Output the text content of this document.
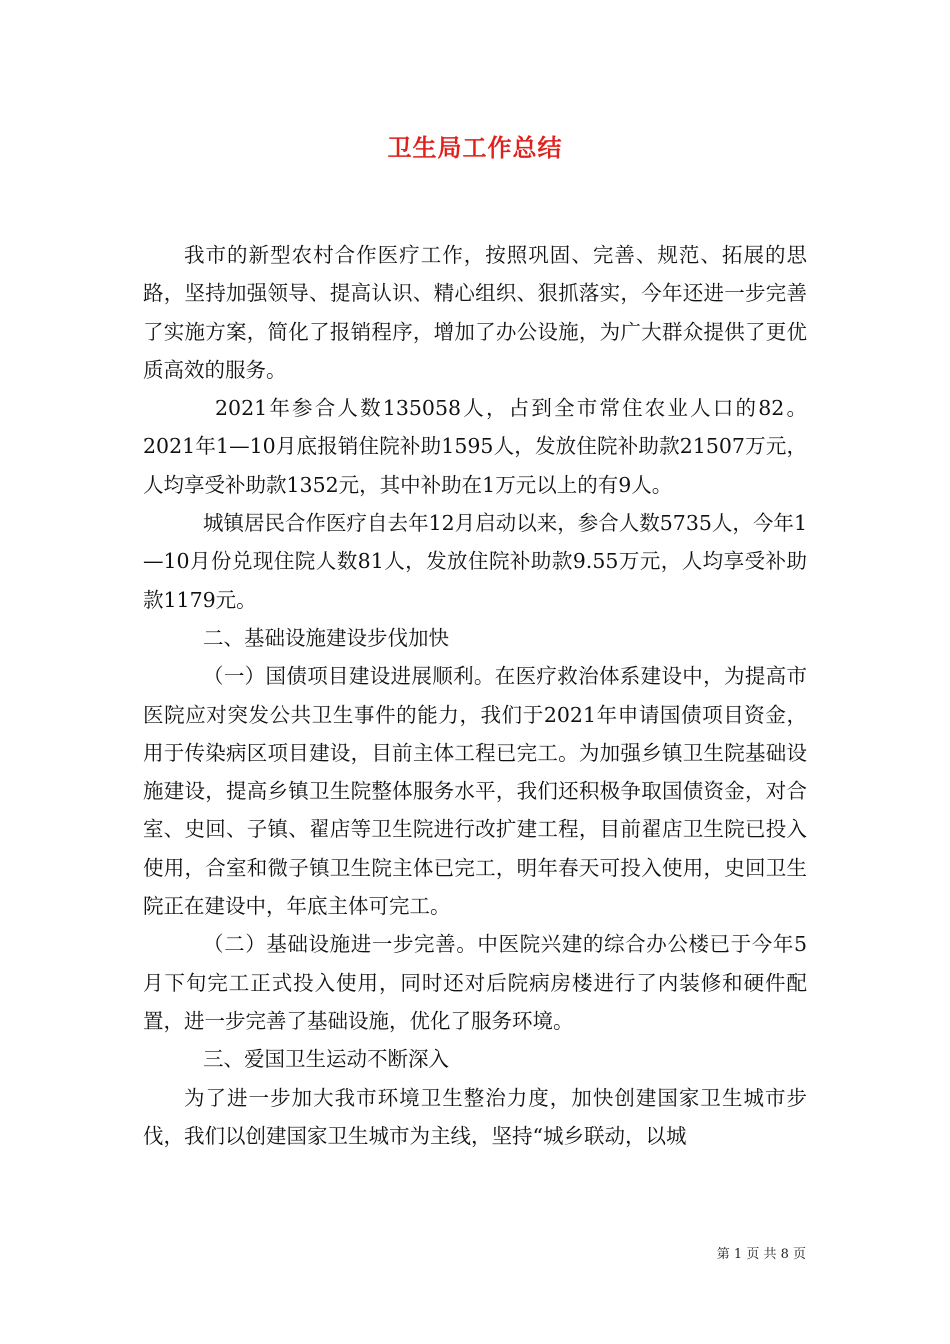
卫生局工作总结

我市的新型农村合作医疗工作，按照巩固、完善、规范、拓展的思路，坚持加强领导、提高认识、精心组织、狠抓落实，今年还进一步完善了实施方案，简化了报销程序，增加了办公设施，为广大群众提供了更优质高效的服务。

2021年参合人数135058人，占到全市常住农业人口的82。2021年1—10月底报销住院补助1595人，发放住院补助款21507万元，人均享受补助款1352元，其中补助在1万元以上的有9人。

城镇居民合作医疗自去年12月启动以来，参合人数5735人，今年1—10月份兑现住院人数81人，发放住院补助款9.55万元，人均享受补助款1179元。

二、基础设施建设步伐加快

（一）国债项目建设进展顺利。在医疗救治体系建设中，为提高市医院应对突发公共卫生事件的能力，我们于2021年申请国债项目资金，用于传染病区项目建设，目前主体工程已完工。为加强乡镇卫生院基础设施建设，提高乡镇卫生院整体服务水平，我们还积极争取国债资金，对合室、史回、子镇、翟店等卫生院进行改扩建工程，目前翟店卫生院已投入使用，合室和微子镇卫生院主体已完工，明年春天可投入使用，史回卫生院正在建设中，年底主体可完工。

（二）基础设施进一步完善。中医院兴建的综合办公楼已于今年5月下旬完工正式投入使用，同时还对后院病房楼进行了内装修和硬件配置，进一步完善了基础设施，优化了服务环境。

三、爱国卫生运动不断深入

为了进一步加大我市环境卫生整治力度，加快创建国家卫生城市步伐，我们以创建国家卫生城市为主线，坚持“城乡联动，以城

第 1 页 共 8 页
